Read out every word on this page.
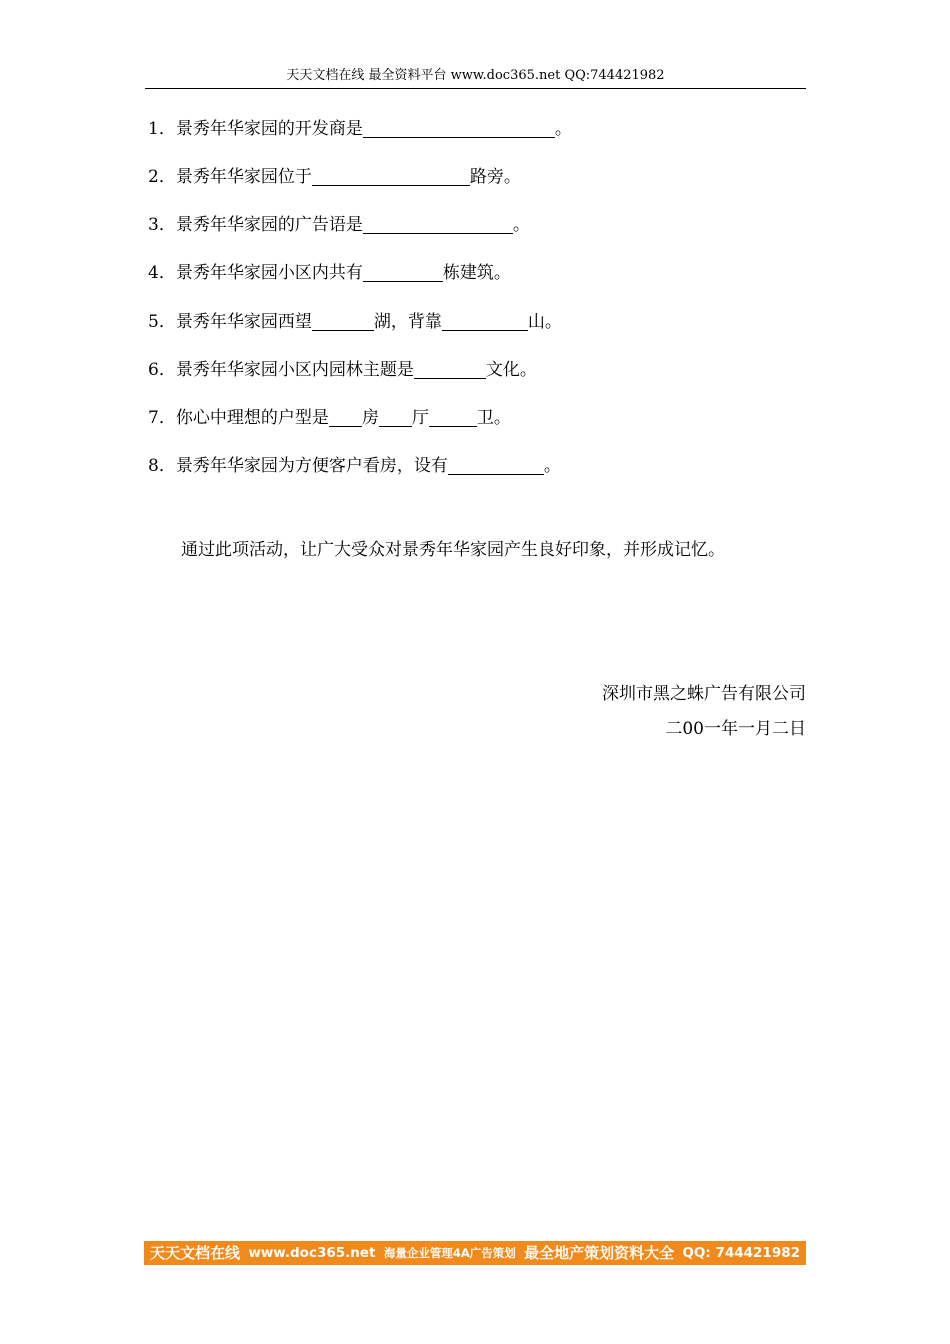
天天文档在线 最全资料平台 www.doc365.net QQ:744421982
1．景秀年华家园的开发商是	。
2．景秀年华家园位于	路旁。
3．景秀年华家园的广告语是	。
4．景秀年华家园小区内共有	栋建筑。
5．景秀年华家园西望	湖，背靠	山。
6．景秀年华家园小区内园林主题是	文化。
7．你心中理想的户型是 房 厅	卫。
8．景秀年华家园为方便客户看房，设有	。
通过此项活动，让广大受众对景秀年华家园产生良好印象，并形成记忆。
深圳市黑之蛛广告有限公司
二00一年一月二日
天天文档在线 www.doc365.net 海量企业管理4A广告策划 最全地产策划资料大全 QQ: 744421982
